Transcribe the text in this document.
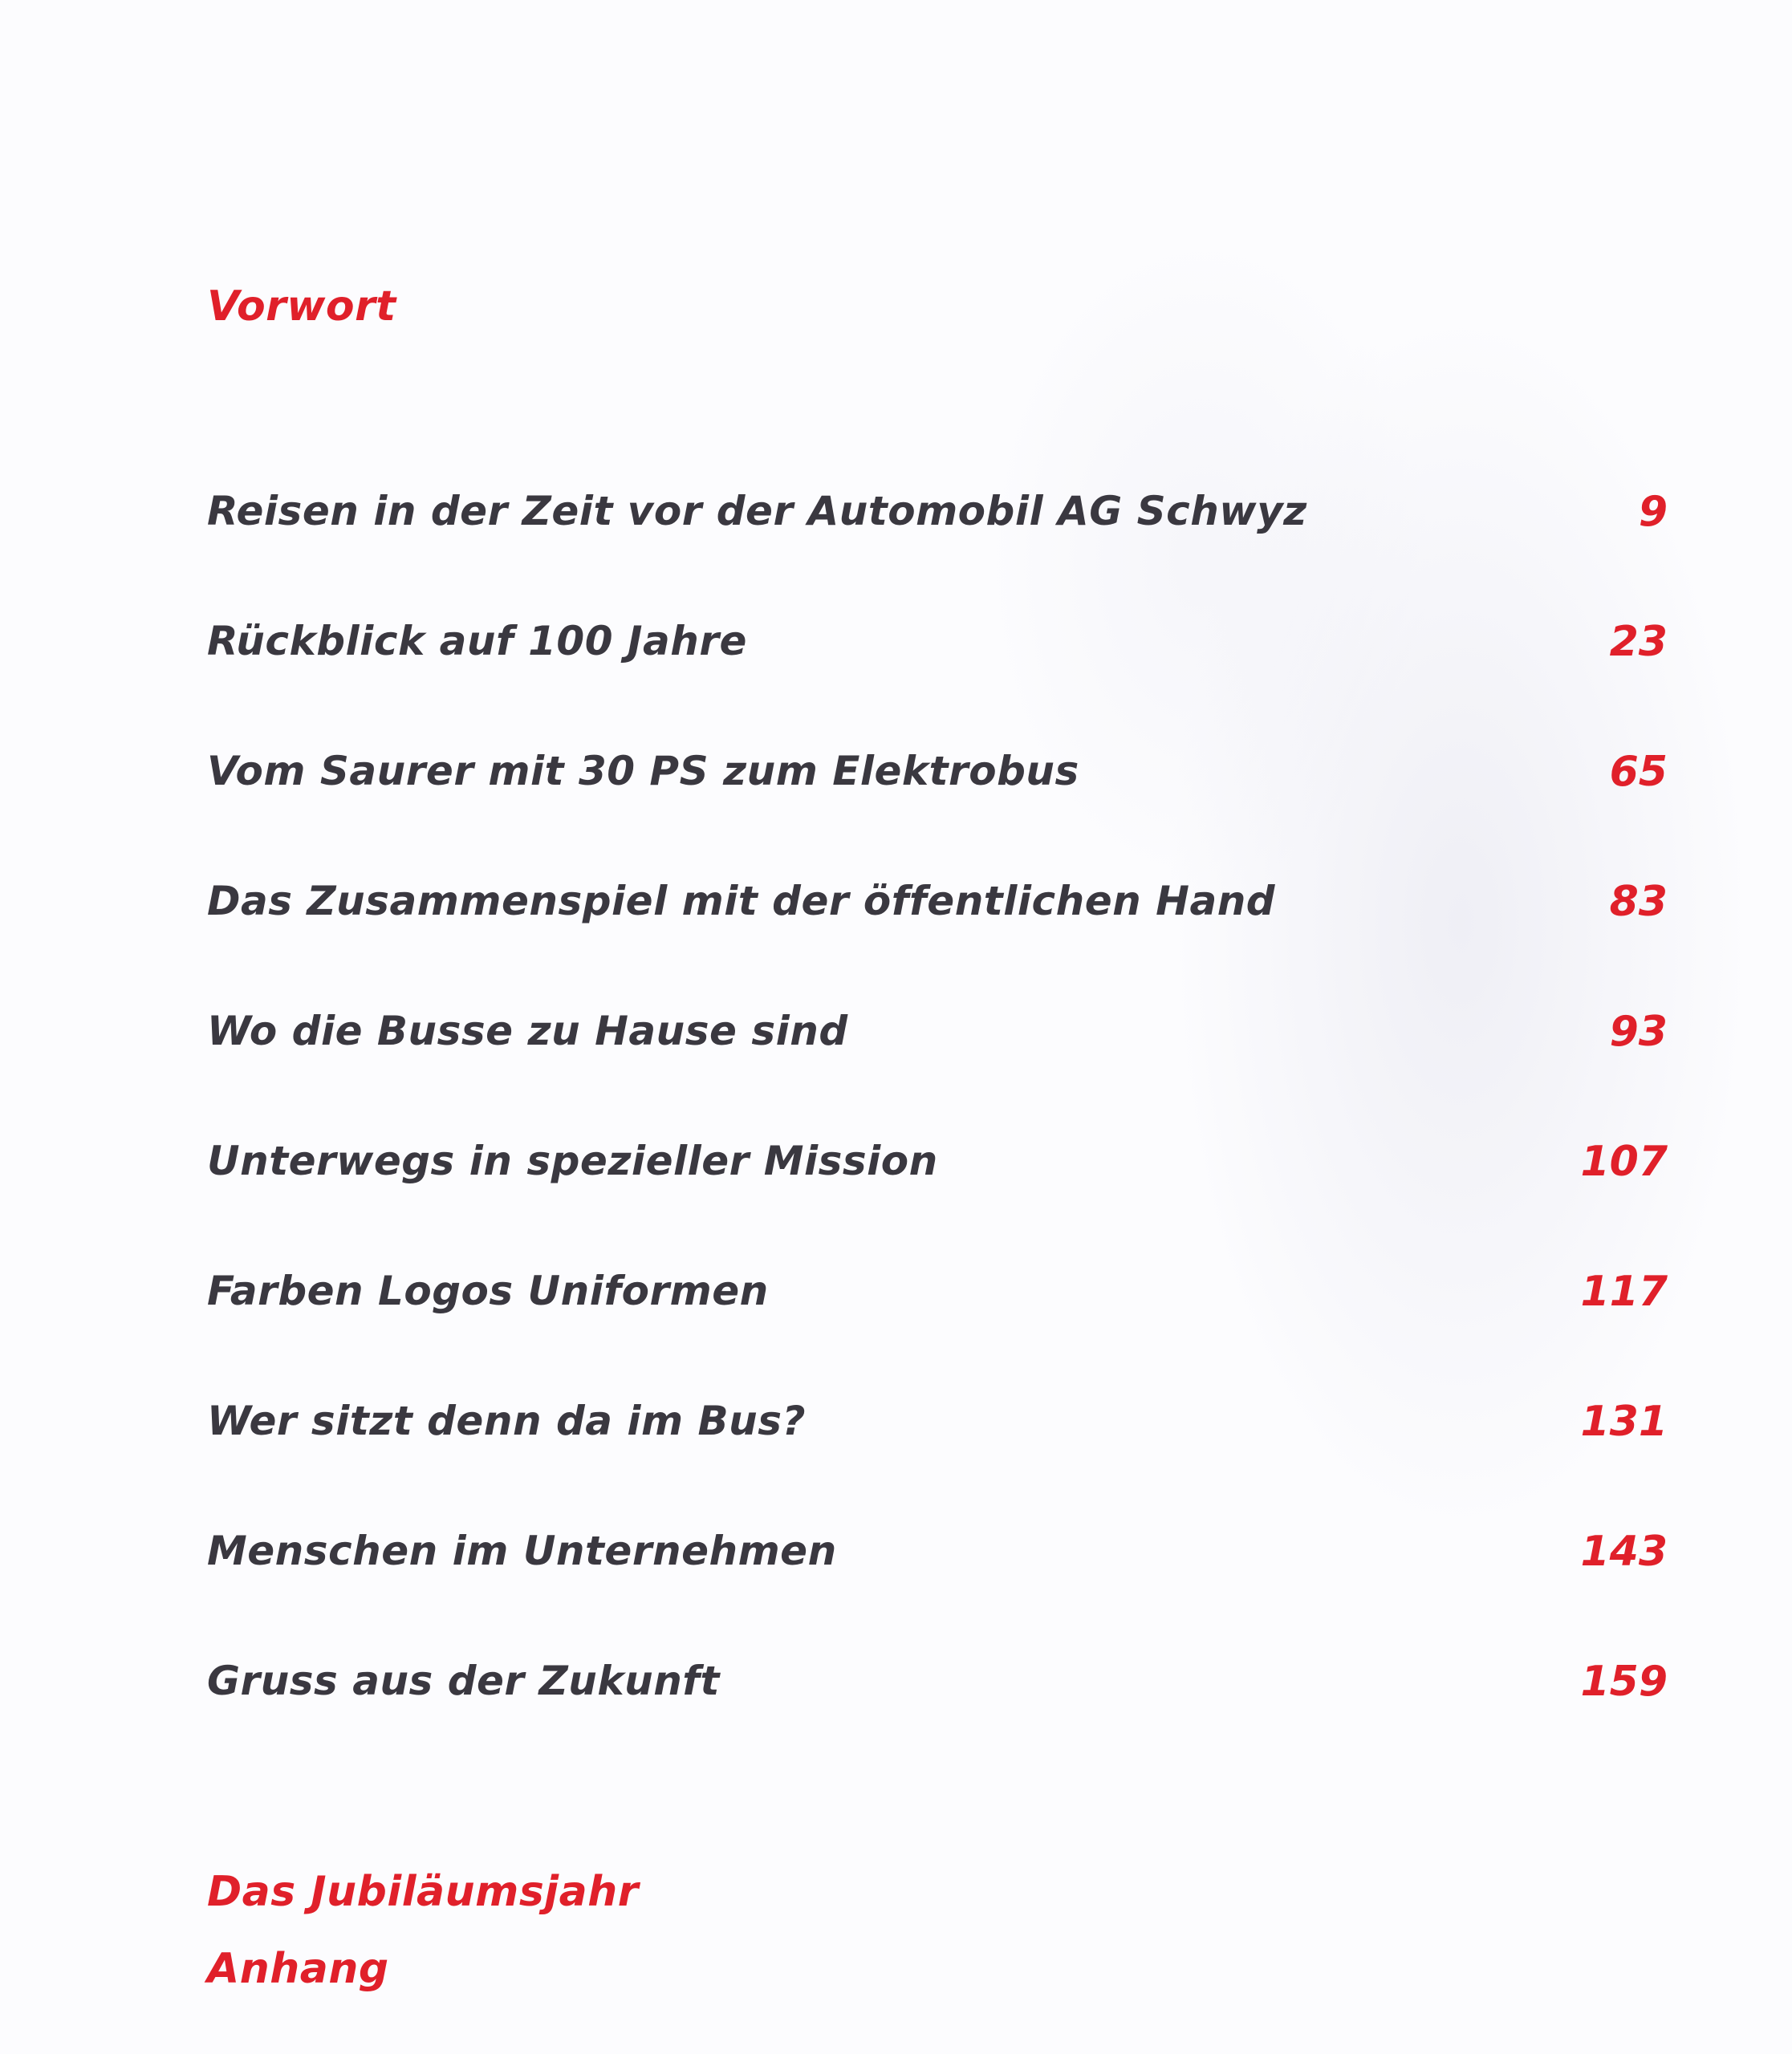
Vorwort
Reisen in der Zeit vor der Automobil AG Schwyz	9
Rückblick auf 100 Jahre	23
Vom Saurer mit 30 PS zum Elektrobus	65
Das Zusammenspiel mit der öffentlichen Hand	83
Wo die Busse zu Hause sind	93
Unterwegs in spezieller Mission	107
Farben Logos Uniformen	117
Wer sitzt denn da im Bus?	131
Menschen im Unternehmen	143
Gruss aus der Zukunft	159
Das Jubiläumsjahr
Anhang
